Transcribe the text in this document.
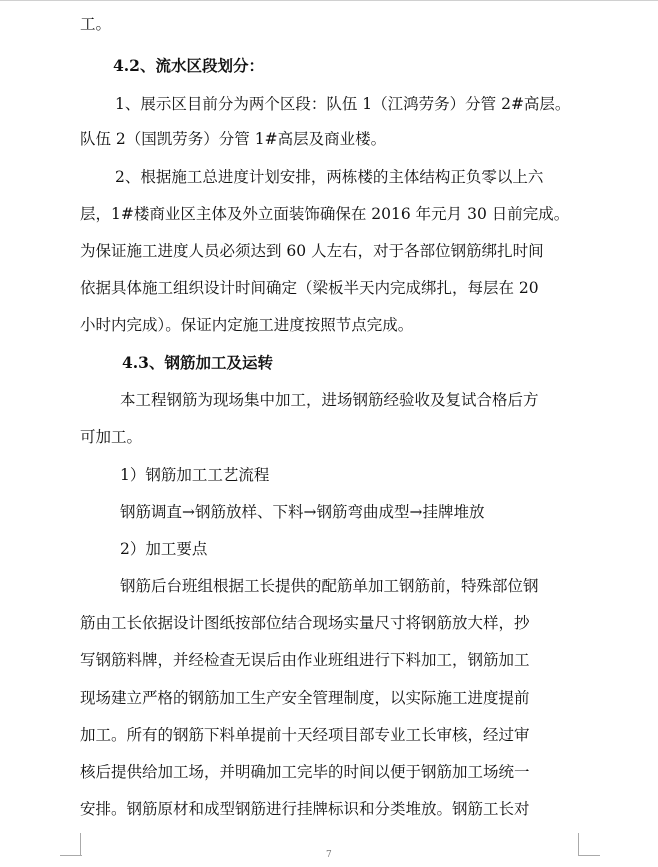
工。
4.2、流水区段划分：
1、展示区目前分为两个区段：队伍 1（江鸿劳务）分管 2#高层。
队伍 2（国凯劳务）分管 1#高层及商业楼。
2、根据施工总进度计划安排，两栋楼的主体结构正负零以上六
层，1#楼商业区主体及外立面装饰确保在 2016 年元月 30 日前完成。
为保证施工进度人员必须达到 60 人左右，对于各部位钢筋绑扎时间
依据具体施工组织设计时间确定（梁板半天内完成绑扎，每层在 20
小时内完成）。保证内定施工进度按照节点完成。
4.3、钢筋加工及运转
本工程钢筋为现场集中加工，进场钢筋经验收及复试合格后方
可加工。
1）钢筋加工工艺流程
钢筋调直→钢筋放样、下料→钢筋弯曲成型→挂牌堆放
2）加工要点
钢筋后台班组根据工长提供的配筋单加工钢筋前，特殊部位钢
筋由工长依据设计图纸按部位结合现场实量尺寸将钢筋放大样，抄
写钢筋料牌，并经检查无误后由作业班组进行下料加工，钢筋加工
现场建立严格的钢筋加工生产安全管理制度，以实际施工进度提前
加工。所有的钢筋下料单提前十天经项目部专业工长审核，经过审
核后提供给加工场，并明确加工完毕的时间以便于钢筋加工场统一
安排。钢筋原材和成型钢筋进行挂牌标识和分类堆放。钢筋工长对
7
